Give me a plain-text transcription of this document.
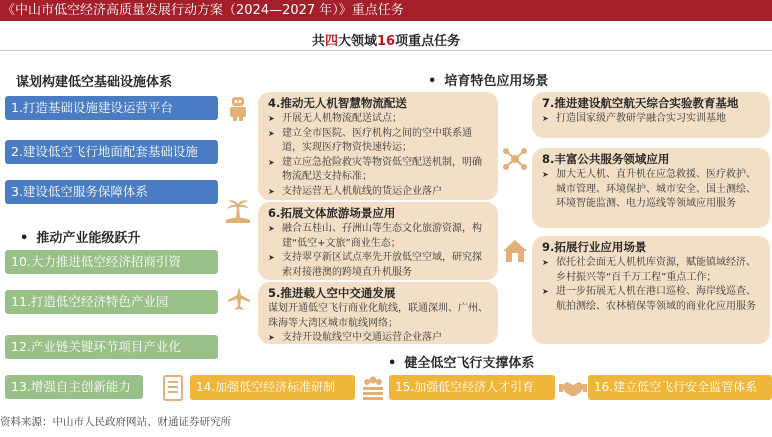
《中山市低空经济高质量发展行动方案（2024—2027 年）》重点任务
共四大领域16项重点任务
谋划构建低空基础设施体系	• 培育特色应用场景
• 推动产业能级跃升
• 健全低空飞行支撑体系
1.打造基础设施建设运营平台
2.建设低空飞行地面配套基础设施
3.建设低空服务保障体系
10.大力推进低空经济招商引资
11.打造低空经济特色产业园
12.产业链关键环节项目产业化
13.增强自主创新能力
4.推动无人机智慧物流配送
➤ 开展无人机物流配送试点；
➤ 建立全市医院、医疗机构之间的空中联系通道，实现医疗物资快速转运；
➤ 建立应急抢险救灾等物资低空配送机制，明确物流配送支持标准；
➤ 支持运营无人机航线的货运企业落户
6.拓展文体旅游场景应用
➤ 融合五桂山、孖洲山等生态文化旅游资源，构建“低空+文旅”商业生态；
➤ 支持翠亨新区试点率先开放低空空域，研究探索对接港澳的跨境直升机服务
5.推进载人空中交通发展
谋划开通低空飞行商业化航线，联通深圳、广州、珠海等大湾区城市航线网络；
➤ 支持开设航线空中交通运营企业落户
7.推进建设航空航天综合实验教育基地
➤ 打造国家级产教研学融合实习实训基地
8.丰富公共服务领域应用
➤ 加大无人机、直升机在应急救援、医疗救护、城市管理、环境保护、城市安全、国土测绘、环境智能监测、电力巡线等领域应用服务
9.拓展行业应用场景
➤ 依托社会面无人机机库资源，赋能镇域经济、乡村振兴等“百千万工程”重点工作；
➤ 进一步拓展无人机在港口巡检、海岸线巡查、航拍测绘、农林植保等领域的商业化应用服务
14.加强低空经济标准研制	15.加强低空经济人才引育	16.建立低空飞行安全监管体系
资料来源：中山市人民政府网站、财通证券研究所
